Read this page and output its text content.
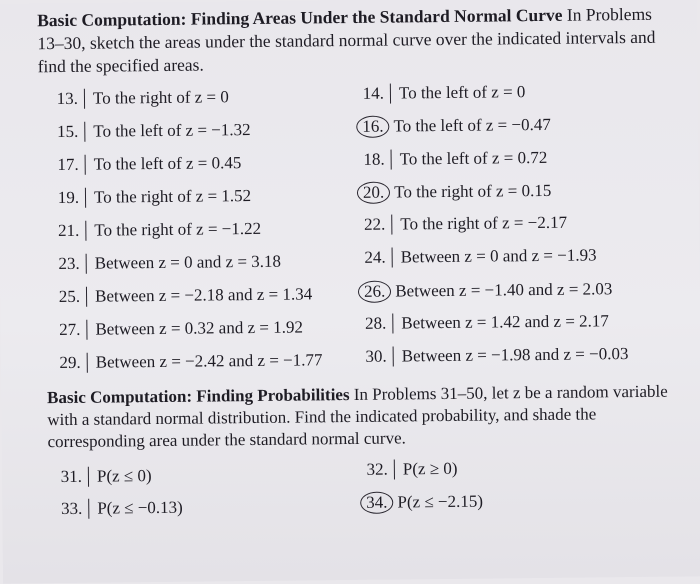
Basic Computation: Finding Areas Under the Standard Normal Curve In Problems 13–30, sketch the areas under the standard normal curve over the indicated intervals and find the specified areas.
13. To the right of z = 0
15. To the left of z = −1.32
17. To the left of z = 0.45
19. To the right of z = 1.52
21. To the right of z = −1.22
23. Between z = 0 and z = 3.18
25. Between z = −2.18 and z = 1.34
27. Between z = 0.32 and z = 1.92
29. Between z = −2.42 and z = −1.77
14. To the left of z = 0
16. To the left of z = −0.47
18. To the left of z = 0.72
20. To the right of z = 0.15
22. To the right of z = −2.17
24. Between z = 0 and z = −1.93
26. Between z = −1.40 and z = 2.03
28. Between z = 1.42 and z = 2.17
30. Between z = −1.98 and z = −0.03
Basic Computation: Finding Probabilities In Problems 31–50, let z be a random variable with a standard normal distribution. Find the indicated probability, and shade the corresponding area under the standard normal curve.
31. P(z ≤ 0)
33. P(z ≤ −0.13)
32. P(z ≥ 0)
34. P(z ≤ −2.15)
